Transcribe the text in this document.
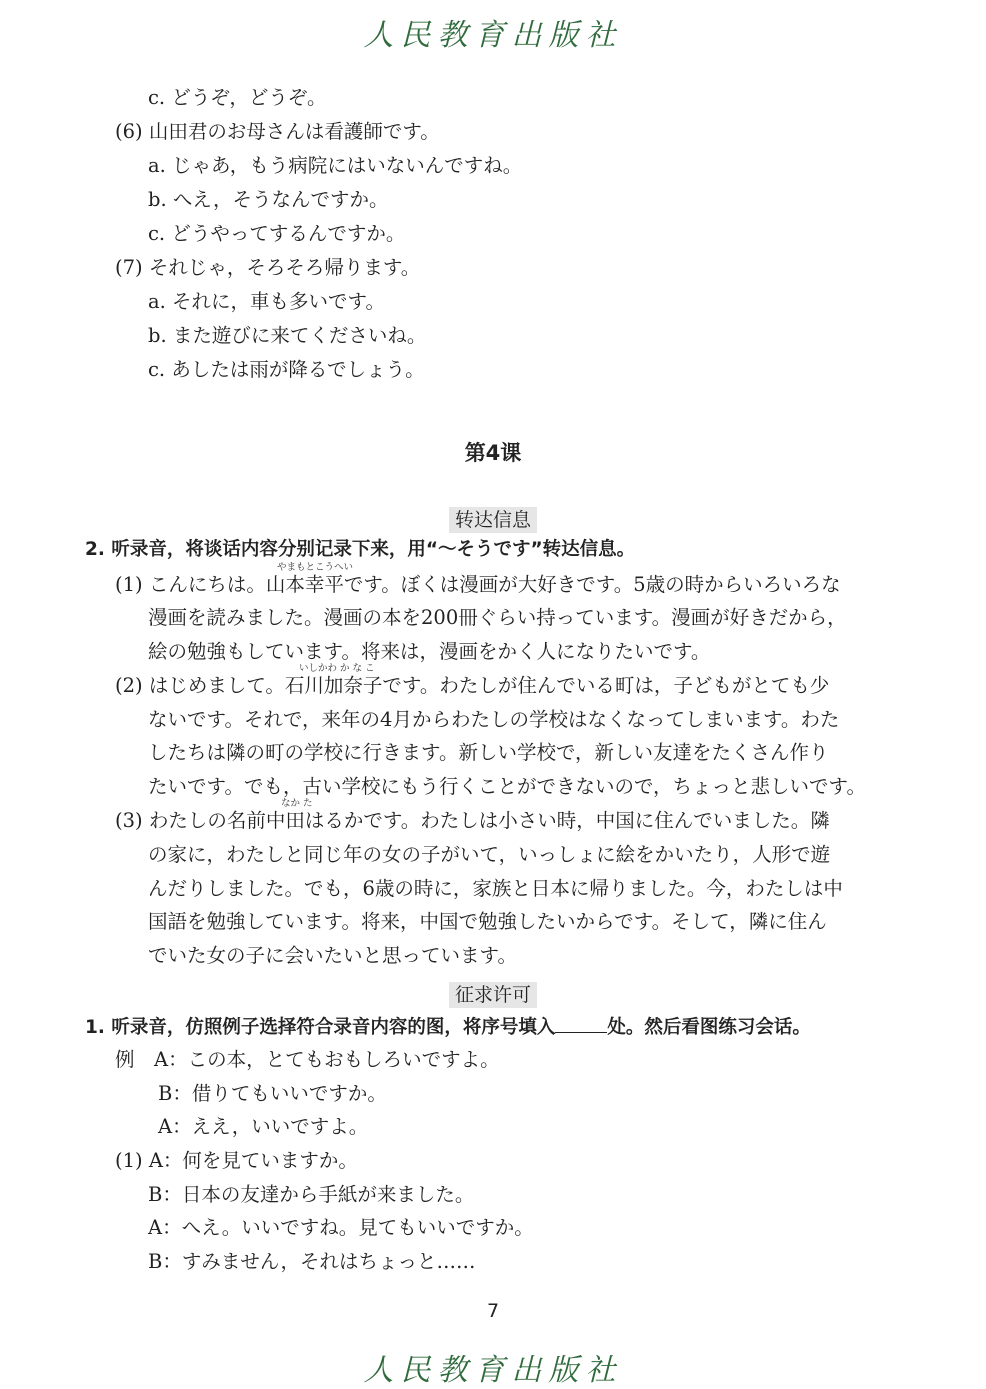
人民教育出版社
c. どうぞ，どうぞ。
(6) 山田君のお母さんは看護師です。
a. じゃあ，もう病院にはいないんですね。
b. へえ，そうなんですか。
c. どうやってするんですか。
(7) それじゃ，そろそろ帰ります。
a. それに，車も多いです。
b. また遊びに来てくださいね。
c. あしたは雨が降るでしょう。
第4课
转达信息
2. 听录音，将谈话内容分别记录下来，用“〜そうです”转达信息。
やまもとこうへい
(1) こんにちは。山本幸平です。ぼくは漫画が大好きです。5歳の時からいろいろな
漫画を読みました。漫画の本を200冊ぐらい持っています。漫画が好きだから，
絵の勉強もしています。将来は，漫画をかく人になりたいです。
いしかわ か な こ
(2) はじめまして。石川加奈子です。わたしが住んでいる町は，子どもがとても少
ないです。それで，来年の4月からわたしの学校はなくなってしまいます。わた
したちは隣の町の学校に行きます。新しい学校で，新しい友達をたくさん作り
たいです。でも，古い学校にもう行くことができないので，ちょっと悲しいです。
なか た
(3) わたしの名前中田はるかです。わたしは小さい時，中国に住んでいました。隣
の家に，わたしと同じ年の女の子がいて，いっしょに絵をかいたり，人形で遊
んだりしました。でも，6歳の時に，家族と日本に帰りました。今，わたしは中
国語を勉強しています。将来，中国で勉強したいからです。そして，隣に住ん
でいた女の子に会いたいと思っています。
征求许可
1. 听录音，仿照例子选择符合录音内容的图，将序号填入	处。然后看图练习会话。
例　A：この本，とてもおもしろいですよ。
B：借りてもいいですか。
A：ええ，いいですよ。
(1) A：何を見ていますか。
B：日本の友達から手紙が来ました。
A：へえ。いいですね。見てもいいですか。
B：すみません，それはちょっと……
7
人民教育出版社
